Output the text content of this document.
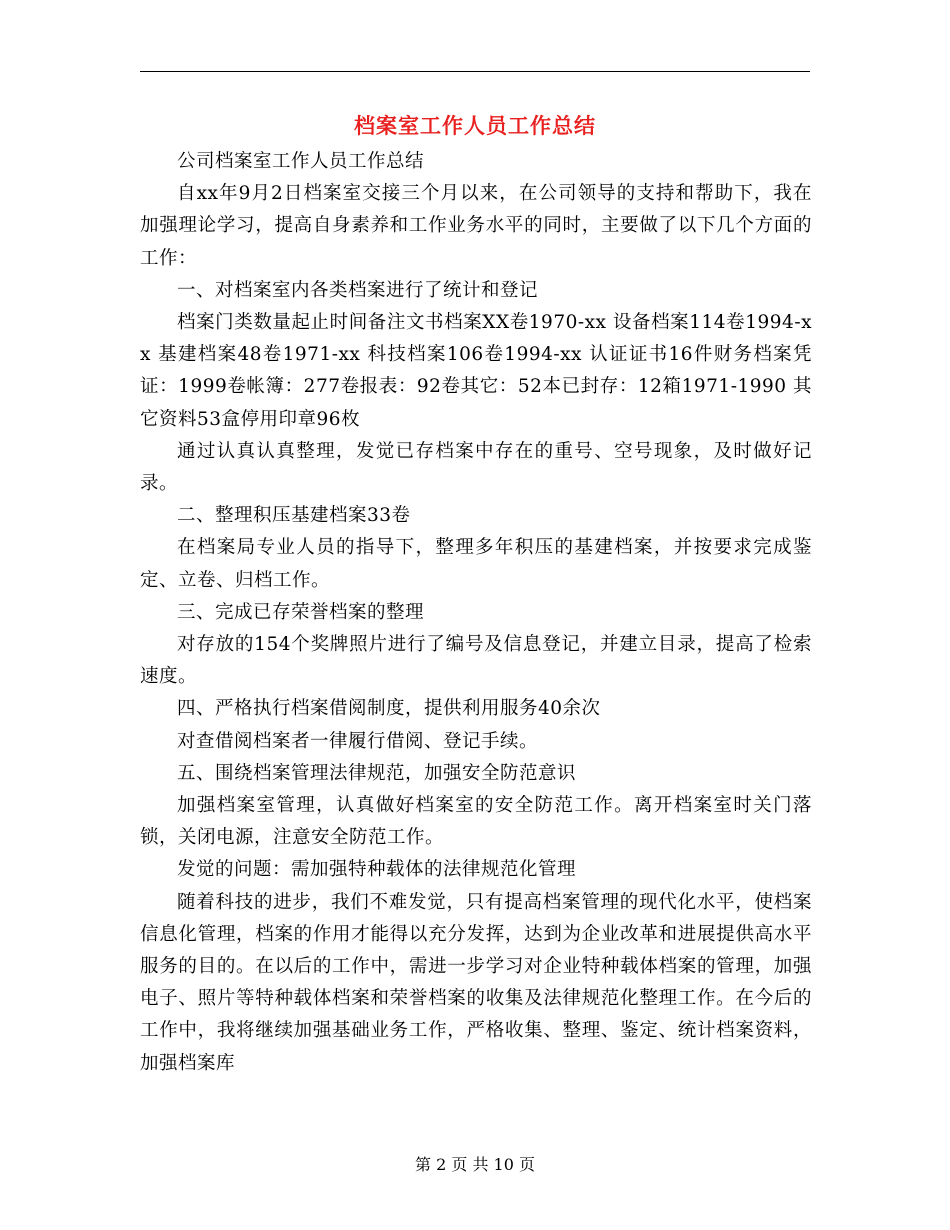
档案室工作人员工作总结

公司档案室工作人员工作总结

自xx年9月2日档案室交接三个月以来，在公司领导的支持和帮助下，我在加强理论学习，提高自身素养和工作业务水平的同时，主要做了以下几个方面的工作：

一、对档案室内各类档案进行了统计和登记

档案门类数量起止时间备注文书档案XX卷1970-xx 设备档案114卷1994-xx 基建档案48卷1971-xx 科技档案106卷1994-xx 认证证书16件财务档案凭证：1999卷帐簿：277卷报表：92卷其它：52本已封存：12箱1971-1990 其它资料53盒停用印章96枚

通过认真认真整理，发觉已存档案中存在的重号、空号现象，及时做好记录。

二、整理积压基建档案33卷

在档案局专业人员的指导下，整理多年积压的基建档案，并按要求完成鉴定、立卷、归档工作。

三、完成已存荣誉档案的整理

对存放的154个奖牌照片进行了编号及信息登记，并建立目录，提高了检索速度。

四、严格执行档案借阅制度，提供利用服务40余次

对查借阅档案者一律履行借阅、登记手续。

五、围绕档案管理法律规范，加强安全防范意识

加强档案室管理，认真做好档案室的安全防范工作。离开档案室时关门落锁，关闭电源，注意安全防范工作。

发觉的问题：需加强特种载体的法律规范化管理

随着科技的进步，我们不难发觉，只有提高档案管理的现代化水平，使档案信息化管理，档案的作用才能得以充分发挥，达到为企业改革和进展提供高水平服务的目的。在以后的工作中，需进一步学习对企业特种载体档案的管理，加强电子、照片等特种载体档案和荣誉档案的收集及法律规范化整理工作。在今后的工作中，我将继续加强基础业务工作，严格收集、整理、鉴定、统计档案资料，加强档案库

第 2 页 共 10 页
